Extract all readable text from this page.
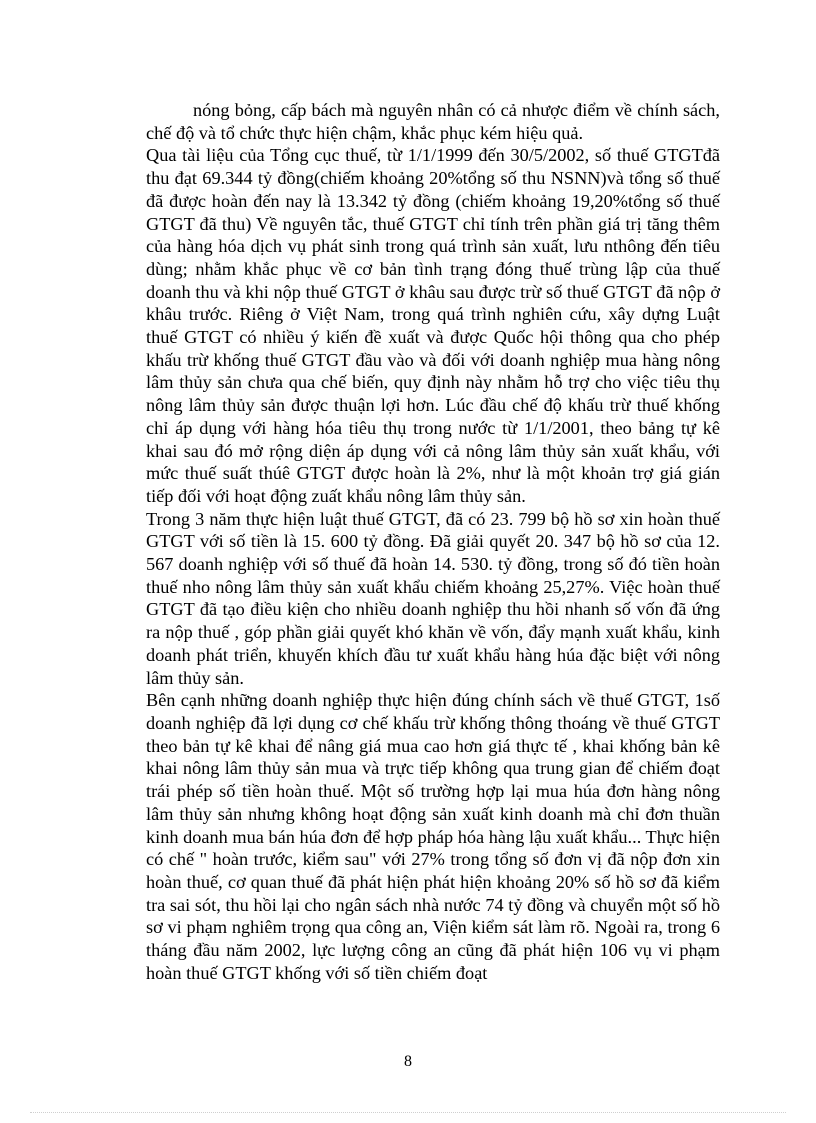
nóng bỏng, cấp bách mà nguyên nhân có cả nhược điểm về chính sách, chế độ và tổ chức thực hiện chậm, khắc phục kém hiệu quả.

Qua tài liệu của Tổng cục thuế, từ 1/1/1999 đến 30/5/2002, số thuế GTGTđã thu đạt 69.344 tỷ đồng(chiếm khoảng 20%tổng số thu NSNN)và tổng số thuế đã được hoàn đến nay là 13.342 tỷ đồng (chiếm khoảng 19,20%tổng số thuế GTGT đã thu) Về nguyên tắc, thuế GTGT chỉ tính trên phần giá trị tăng thêm của hàng hóa dịch vụ phát sinh trong quá trình sản xuất, lưu nthông đến tiêu dùng; nhằm khắc phục về cơ bản tình trạng đóng thuế trùng lập của thuế doanh thu và khi nộp thuế GTGT ở khâu sau được trừ số thuế GTGT đã nộp ở khâu trước. Riêng ở Việt Nam, trong quá trình nghiên cứu, xây dựng Luật thuế GTGT có nhiều ý kiến đề xuất và được Quốc hội thông qua cho phép khấu trừ khống thuế GTGT đầu vào và đối với doanh nghiệp mua hàng nông lâm thủy sản chưa qua chế biến, quy định này nhằm hỗ trợ cho việc tiêu thụ nông lâm thủy sản được thuận lợi hơn. Lúc đầu chế độ khấu trừ thuế khống chỉ áp dụng với hàng hóa tiêu thụ trong nước từ 1/1/2001, theo bảng tự kê khai sau đó mở rộng diện áp dụng với cả nông lâm thủy sản xuất khẩu, với mức thuế suất thúê GTGT được hoàn là 2%, như là một khoản trợ giá gián tiếp đối với hoạt động zuất khẩu nông lâm thủy sản.

Trong 3 năm thực hiện luật thuế GTGT, đã có 23. 799 bộ hồ sơ xin hoàn thuế GTGT với số tiền là 15. 600 tỷ đồng. Đã giải quyết 20. 347 bộ hồ sơ của 12. 567 doanh nghiệp với số thuế đã hoàn 14. 530. tỷ đồng, trong số đó tiền hoàn thuế nho nông lâm thủy sản xuất khẩu chiếm khoảng 25,27%. Việc hoàn thuế GTGT đã tạo điều kiện cho nhiều doanh nghiệp thu hồi nhanh số vốn đã ứng ra nộp thuế , góp phần giải quyết khó khăn về vốn, đẩy mạnh xuất khẩu, kinh doanh phát triển, khuyến khích đầu tư xuất khẩu hàng húa đặc biệt với nông lâm thủy sản.

Bên cạnh những doanh nghiệp thực hiện đúng chính sách về thuế GTGT, 1số doanh nghiệp đã lợi dụng cơ chế khấu trừ khống thông thoáng về thuế GTGT theo bản tự kê khai để nâng giá mua cao hơn giá thực tế , khai khống bản kê khai nông lâm thủy sản mua và trực tiếp không qua trung gian để chiếm đoạt trái phép số tiền hoàn thuế. Một số trường hợp lại mua húa đơn hàng nông lâm thủy sản nhưng không hoạt động sản xuất kinh doanh mà chỉ đơn thuần kinh doanh mua bán húa đơn để hợp pháp hóa hàng lậu xuất khẩu... Thực hiện có chế " hoàn trước, kiểm sau" với 27% trong tổng số đơn vị đã nộp đơn xin hoàn thuế, cơ quan thuế đã phát hiện phát hiện khoảng 20% số hồ sơ đã kiểm tra sai sót, thu hồi lại cho ngân sách nhà nước 74 tỷ đồng và chuyển một số hồ sơ vi phạm nghiêm trọng qua công an, Viện kiểm sát làm rõ. Ngoài ra, trong 6 tháng đầu năm 2002, lực lượng công an cũng đã phát hiện 106 vụ vi phạm hoàn thuế GTGT khống với số tiền chiếm đoạt

8
